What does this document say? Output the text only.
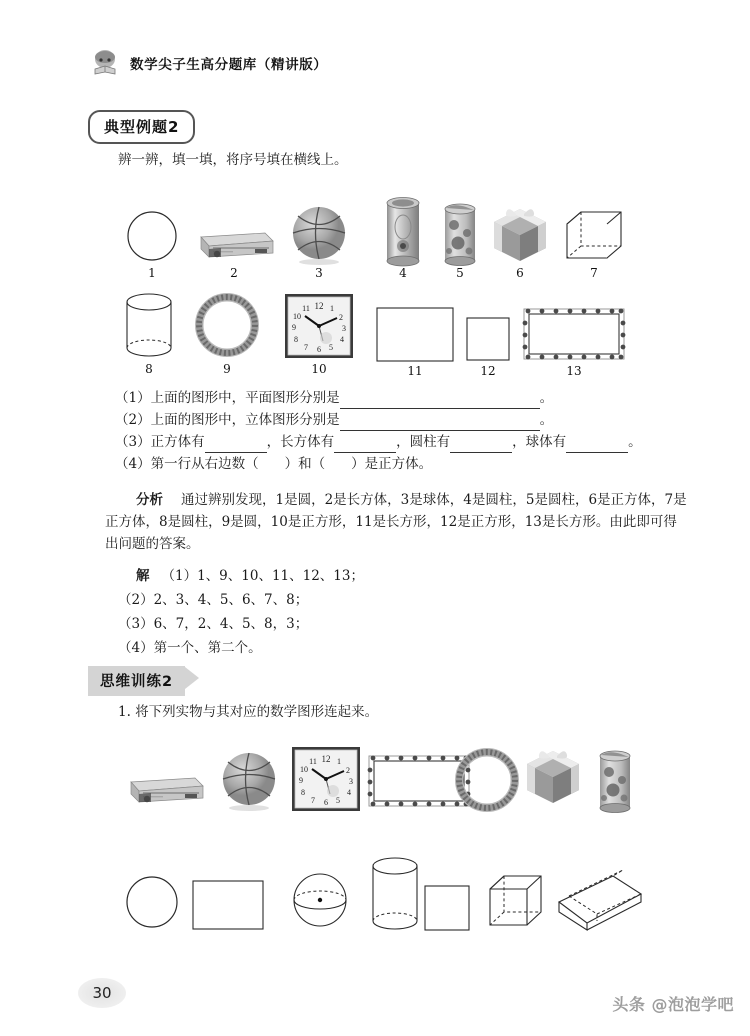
数学尖子生高分题库（精讲版）
典型例题2
辨一辨，填一填，将序号填在横线上。
1	2	3	4	5	6	7
8	9
12
11	1
10	2
9	3
8	4
7 6 5
10	11	12	13
（1）上面的图形中，平面图形分别是	。
（2）上面的图形中，立体图形分别是	。
（3）正方体有	，长方体有	，圆柱有	，球体有	。
（4）第一行从右边数（ ）和（ ）是正方体。
分析 通过辨别发现，1是圆，2是长方体，3是球体，4是圆柱，5是圆柱，6是正方体，7是
正方体，8是圆柱，9是圆，10是正方形，11是长方形，12是正方形，13是长方形。由此即可得
出问题的答案。
解 （1）1、9、10、11、12、13；
（2）2、3、4、5、6、7、8；
（3）6、7，2、4、5、8，3；
（4）第一个、第二个。
思维训练2
1. 将下列实物与其对应的数学图形连起来。
12
11	1
10	2
9	3
8	4
7 6 5
30
头条 @泡泡学吧
